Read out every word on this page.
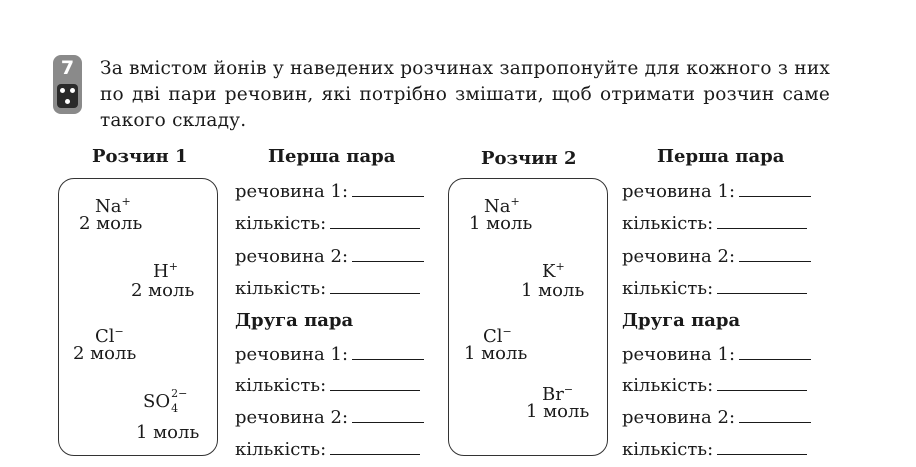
7	За вмістом йонів у наведених розчинах запропонуйте для кожного з них по дві пари речовин, які потрібно змішати, щоб отримати розчин саме такого складу.
Розчин 1	Перша пара	Розчин 2	Перша пара
Na+
2 моль
H+
2 моль
Cl−
2 моль
SO 2−
4
1 моль
речовина 1:
кількість:
речовина 2:
кількість:
Друга пара
речовина 1:
кількість:
речовина 2:
кількість:
Na+
1 моль
K+
1 моль
Cl−
1 моль
Br−
1 моль
речовина 1:
кількість:
речовина 2:
кількість:
Друга пара
речовина 1:
кількість:
речовина 2:
кількість:
